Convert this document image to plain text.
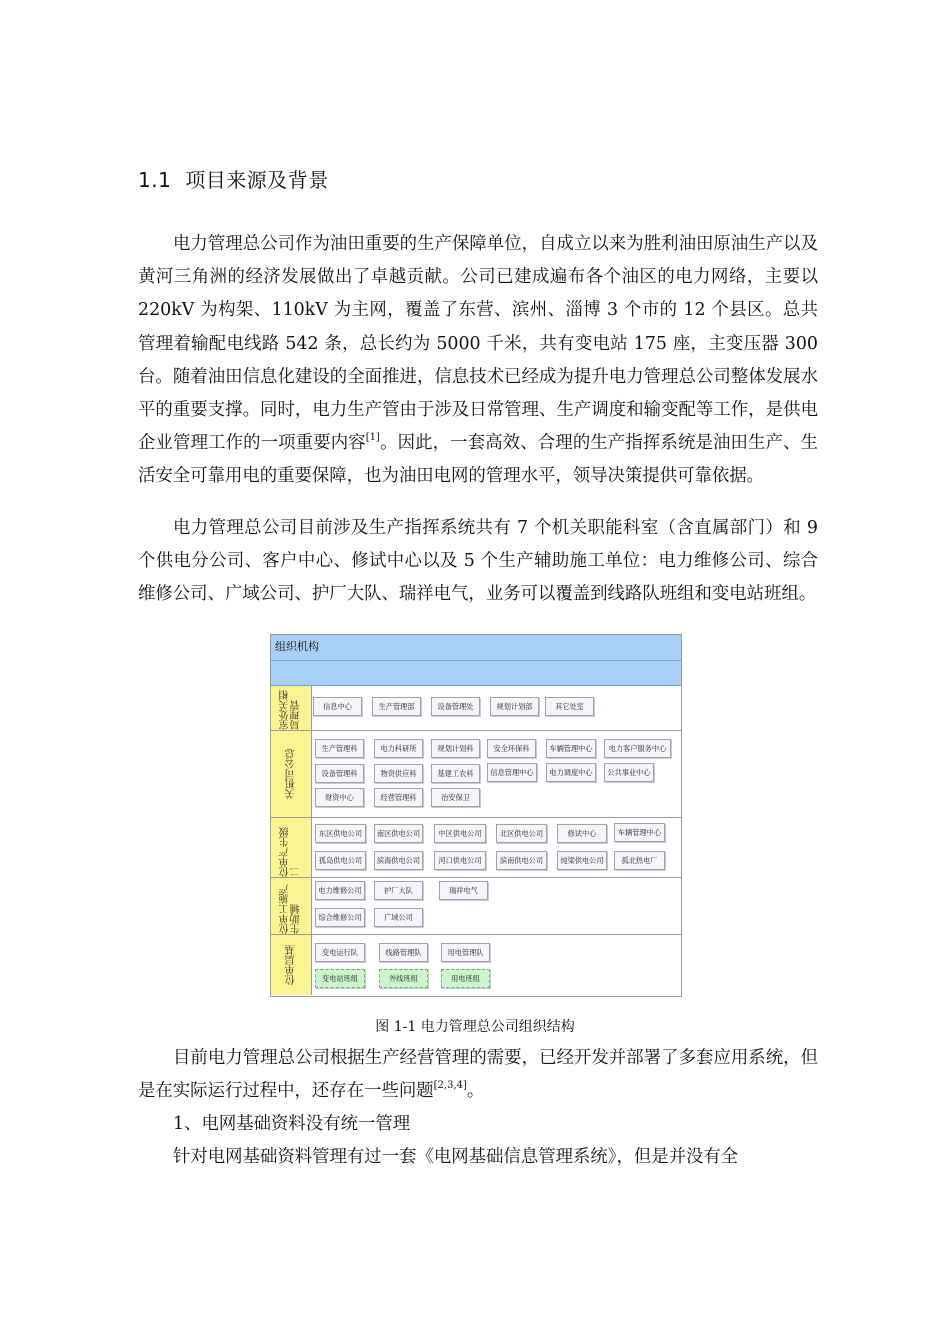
1.1 项目来源及背景

电力管理总公司作为油田重要的生产保障单位，自成立以来为胜利油田原油生产以及黄河三角洲的经济发展做出了卓越贡献。公司已建成遍布各个油区的电力网络，主要以 220kV 为构架、110kV 为主网，覆盖了东营、滨州、淄博 3 个市的 12 个县区。总共管理着输配电线路 542 条，总长约为 5000 千米，共有变电站 175 座，主变压器 300 台。随着油田信息化建设的全面推进，信息技术已经成为提升电力管理总公司整体发展水平的重要支撑。同时，电力生产管由于涉及日常管理、生产调度和输变配等工作，是供电企业管理工作的一项重要内容[1]。因此，一套高效、合理的生产指挥系统是油田生产、生活安全可靠用电的重要保障，也为油田电网的管理水平，领导决策提供可靠依据。

电力管理总公司目前涉及生产指挥系统共有 7 个机关职能科室（含直属部门）和 9 个供电分公司、客户中心、修试中心以及 5 个生产辅助施工单位：电力维修公司、综合维修公司、广域公司、护厂大队、瑞祥电气，业务可以覆盖到线路队班组和变电站班组。

组织机构
室处关相局理管	信息中心	生产管理部	设备管理处	规划计划部	其它处室
关机司公总
生产管理科	电力科研所	规划计划科	安全环保科	车辆管理中心	电力客户服务中心
设备管理科	物资供应科	基建工农科	信息管理中心	电力调度中心	公共事业中心
财资中心	经营管理科	治安保卫
位单产生级二
东区供电公司	南区供电公司	中区供电公司	北区供电公司	修试中心	车辆管理中心
孤岛供电公司	滨海供电公司	河口供电公司	滨南供电公司	纯梁供电公司	孤北热电厂
位单工施产生助辅
电力维修公司	护厂大队	瑞祥电气
综合维修公司	广域公司
位单层基	变电运行队	线路管理队	用电管理队
变电站班组	外线班组	用电班组
图 1-1 电力管理总公司组织结构

目前电力管理总公司根据生产经营管理的需要，已经开发并部署了多套应用系统，但是在实际运行过程中，还存在一些问题[2,3,4]。

1、电网基础资料没有统一管理

针对电网基础资料管理有过一套《电网基础信息管理系统》，但是并没有全
